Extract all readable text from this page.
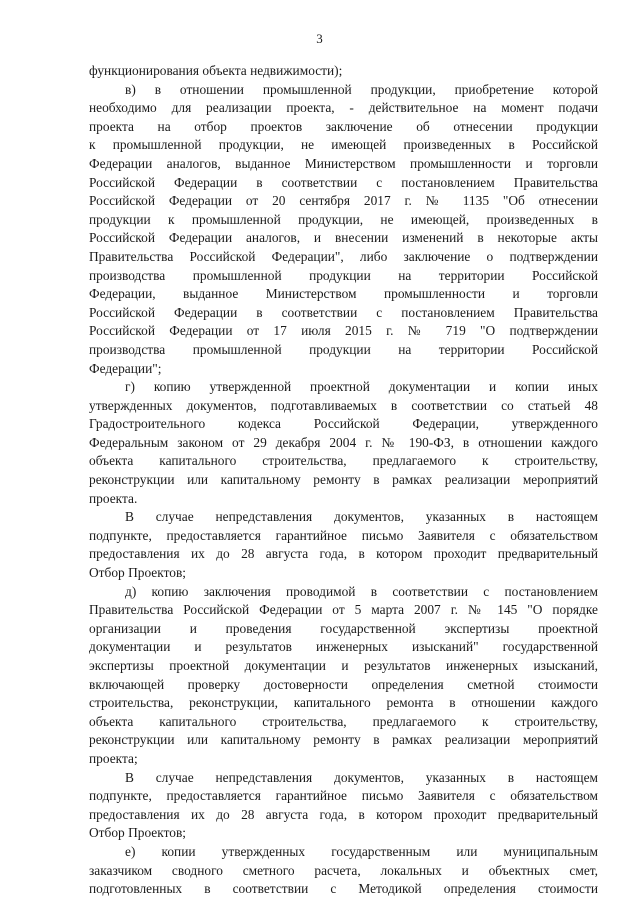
3
функционирования объекта недвижимости);
в) в отношении промышленной продукции, приобретение которой
необходимо для реализации проекта, - действительное на момент подачи
проекта на отбор проектов заключение об отнесении продукции
к промышленной продукции, не имеющей произведенных в Российской
Федерации аналогов, выданное Министерством промышленности и торговли
Российской Федерации в соответствии с постановлением Правительства
Российской Федерации от 20 сентября 2017 г. № 1135 "Об отнесении
продукции к промышленной продукции, не имеющей, произведенных в
Российской Федерации аналогов, и внесении изменений в некоторые акты
Правительства Российской Федерации", либо заключение о подтверждении
производства промышленной продукции на территории Российской
Федерации, выданное Министерством промышленности и торговли
Российской Федерации в соответствии с постановлением Правительства
Российской Федерации от 17 июля 2015 г. № 719 "О подтверждении
производства промышленной продукции на территории Российской
Федерации";
г) копию утвержденной проектной документации и копии иных
утвержденных документов, подготавливаемых в соответствии со статьей 48
Градостроительного кодекса Российской Федерации, утвержденного
Федеральным законом от 29 декабря 2004 г. № 190-ФЗ, в отношении каждого
объекта капитального строительства, предлагаемого к строительству,
реконструкции или капитальному ремонту в рамках реализации мероприятий
проекта.
В случае непредставления документов, указанных в настоящем
подпункте, предоставляется гарантийное письмо Заявителя с обязательством
предоставления их до 28 августа года, в котором проходит предварительный
Отбор Проектов;
д) копию заключения проводимой в соответствии с постановлением
Правительства Российской Федерации от 5 марта 2007 г. № 145 "О порядке
организации и проведения государственной экспертизы проектной
документации и результатов инженерных изысканий" государственной
экспертизы проектной документации и результатов инженерных изысканий,
включающей проверку достоверности определения сметной стоимости
строительства, реконструкции, капитального ремонта в отношении каждого
объекта капитального строительства, предлагаемого к строительству,
реконструкции или капитальному ремонту в рамках реализации мероприятий
проекта;
В случае непредставления документов, указанных в настоящем
подпункте, предоставляется гарантийное письмо Заявителя с обязательством
предоставления их до 28 августа года, в котором проходит предварительный
Отбор Проектов;
е) копии утвержденных государственным или муниципальным
заказчиком сводного сметного расчета, локальных и объектных смет,
подготовленных в соответствии с Методикой определения стоимости
